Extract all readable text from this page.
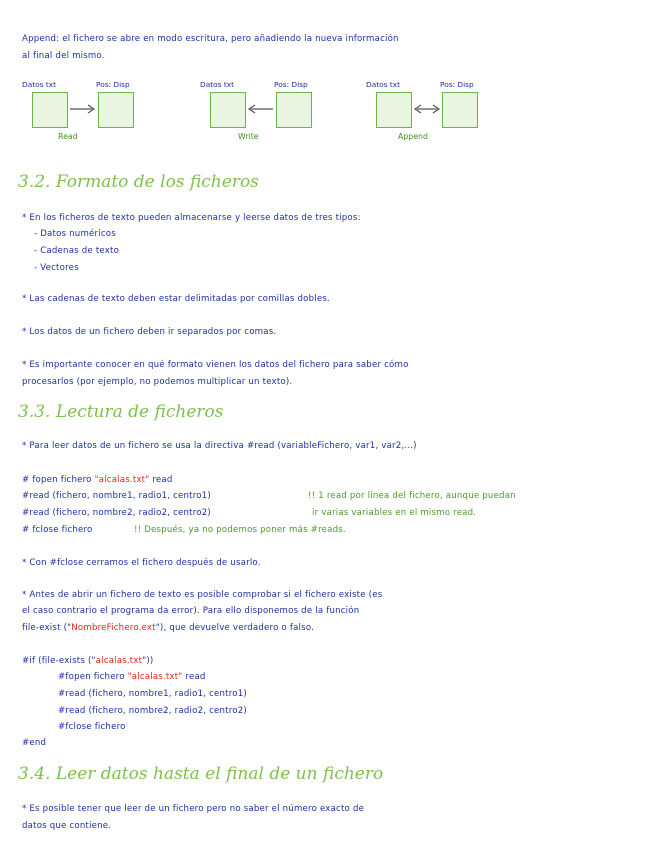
Append: el fichero se abre en modo escritura, pero añadiendo la nueva información
al final del mismo.
Datos txt	Pos: Disp
Read
Datos txt	Pos: Disp
Write
Datos txt	Pos: Disp
Append
3.2. Formato de los ficheros
* En los ficheros de texto pueden almacenarse y leerse datos de tres tipos:
- Datos numéricos
- Cadenas de texto
- Vectores
* Las cadenas de texto deben estar delimitadas por comillas dobles.
* Los datos de un fichero deben ir separados por comas.
* Es importante conocer en qué formato vienen los datos del fichero para saber cómo
procesarlos (por ejemplo, no podemos multiplicar un texto).
3.3. Lectura de ficheros
* Para leer datos de un fichero se usa la directiva #read (variableFichero, var1, var2,...)
# fopen fichero "alcalas.txt" read
#read (fichero, nombre1, radio1, centro1)	!! 1 read por línea del fichero, aunque puedan
#read (fichero, nombre2, radio2, centro2)	ir varias variables en el mismo read.
# fclose fichero	!! Después, ya no podemos poner más #reads.
* Con #fclose cerramos el fichero después de usarlo.
* Antes de abrir un fichero de texto es posible comprobar si el fichero existe (es
el caso contrario el programa da error). Para ello disponemos de la función
file-exist ("NombreFichero.ext"), que devuelve verdadero o falso.
#if (file-exists ("alcalas.txt"))
#fopen fichero "alcalas.txt" read
#read (fichero, nombre1, radio1, centro1)
#read (fichero, nombre2, radio2, centro2)
#fclose fichero
#end
3.4. Leer datos hasta el final de un fichero
* Es posible tener que leer de un fichero pero no saber el número exacto de
datos que contiene.
